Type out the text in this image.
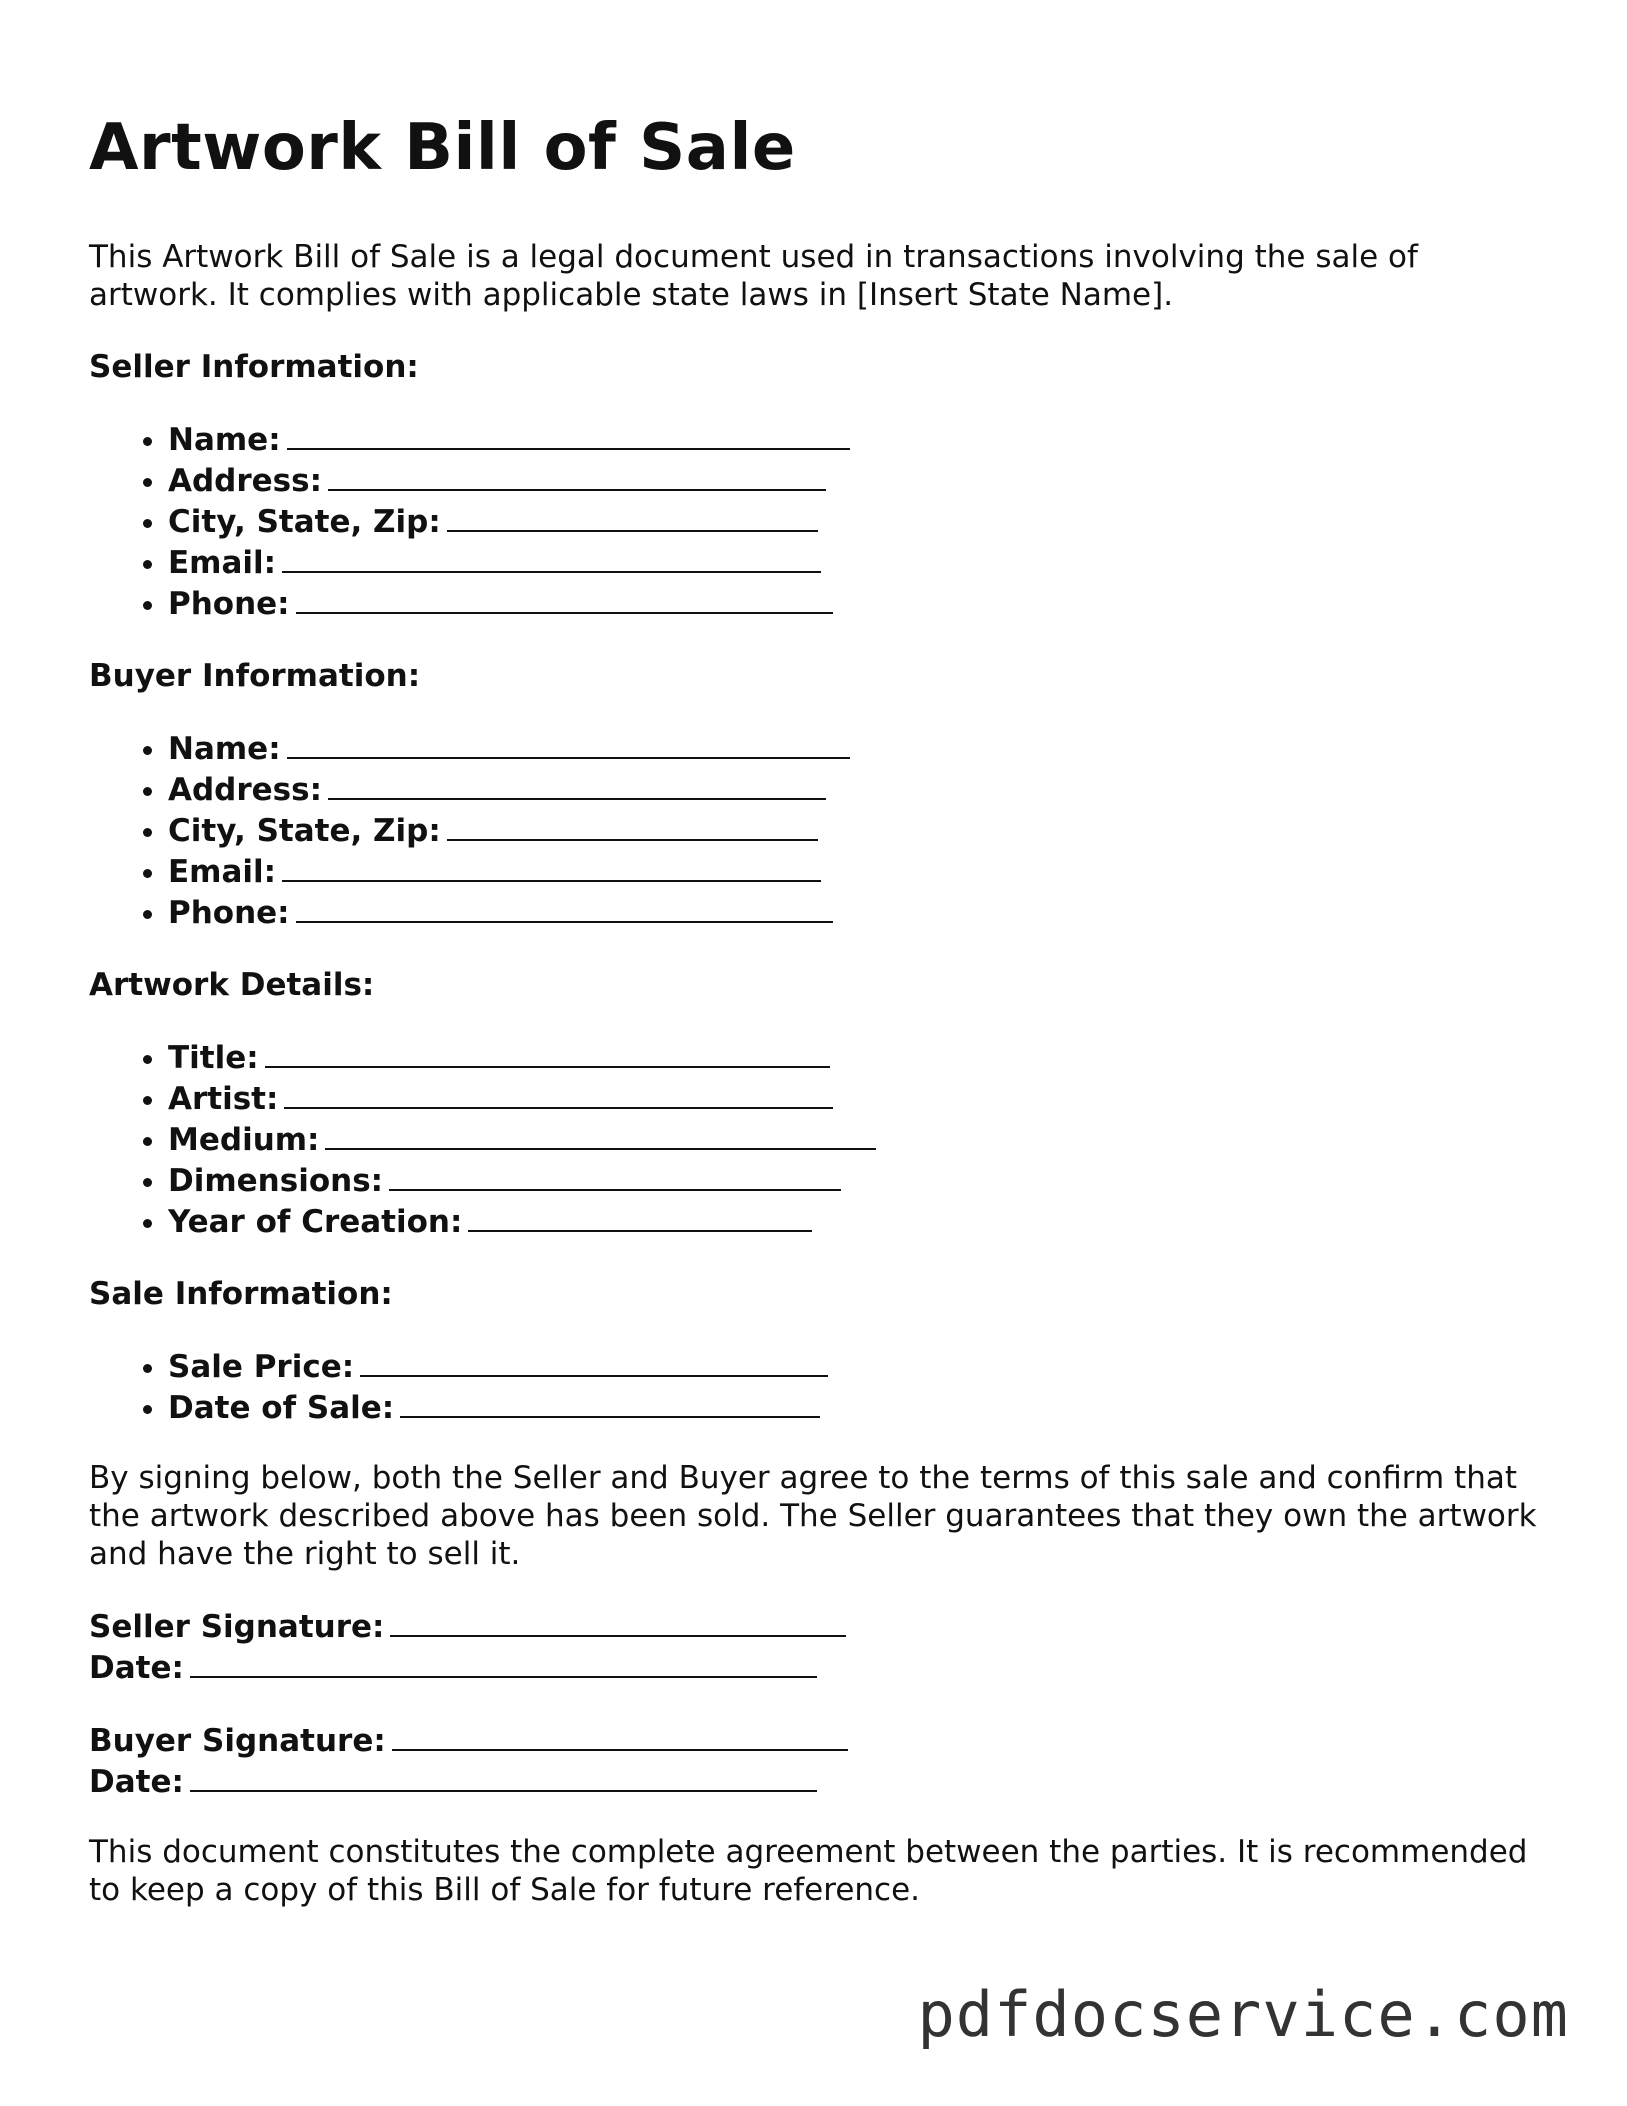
Artwork Bill of Sale

This Artwork Bill of Sale is a legal document used in transactions involving the sale of artwork. It complies with applicable state laws in [Insert State Name].

Seller Information:
• Name:
• Address:
• City, State, Zip:
• Email:
• Phone:
Buyer Information:
• Name:
• Address:
• City, State, Zip:
• Email:
• Phone:
Artwork Details:
• Title:
• Artist:
• Medium:
• Dimensions:
• Year of Creation:
Sale Information:
• Sale Price:
• Date of Sale:

By signing below, both the Seller and Buyer agree to the terms of this sale and confirm that the artwork described above has been sold. The Seller guarantees that they own the artwork and have the right to sell it.

Seller Signature:
Date:
Buyer Signature:
Date:

This document constitutes the complete agreement between the parties. It is recommended to keep a copy of this Bill of Sale for future reference.

pdfdocservice.com
